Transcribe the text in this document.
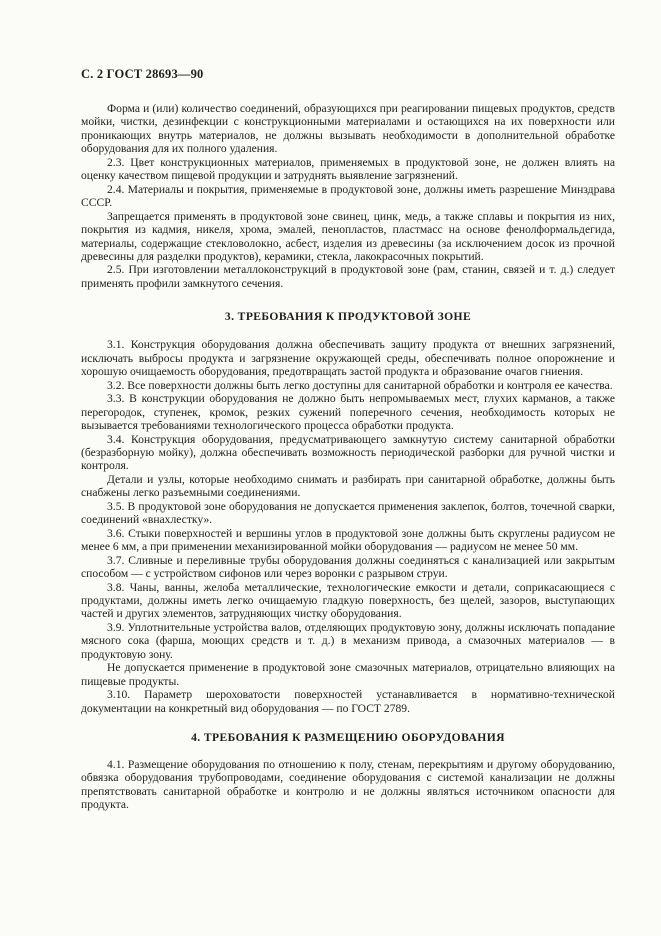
С. 2 ГОСТ 28693—90

Форма и (или) количество соединений, образующихся при реагировании пищевых продуктов, средств мойки, чистки, дезинфекции с конструкционными материалами и остающихся на их поверхности или проникающих внутрь материалов, не должны вызывать необходимости в дополнительной обработке оборудования для их полного удаления.

2.3. Цвет конструкционных материалов, применяемых в продуктовой зоне, не должен влиять на оценку качеством пищевой продукции и затруднять выявление загрязнений.

2.4. Материалы и покрытия, применяемые в продуктовой зоне, должны иметь разрешение Минздрава СССР.

Запрещается применять в продуктовой зоне свинец, цинк, медь, а также сплавы и покрытия из них, покрытия из кадмия, никеля, хрома, эмалей, пенопластов, пластмасс на основе фенолформальдегида, материалы, содержащие стекловолокно, асбест, изделия из древесины (за исключением досок из прочной древесины для разделки продуктов), керамики, стекла, лакокрасочных покрытий.

2.5. При изготовлении металлоконструкций в продуктовой зоне (рам, станин, связей и т. д.) следует применять профили замкнутого сечения.

3. ТРЕБОВАНИЯ К ПРОДУКТОВОЙ ЗОНЕ

3.1. Конструкция оборудования должна обеспечивать защиту продукта от внешних загрязнений, исключать выбросы продукта и загрязнение окружающей среды, обеспечивать полное опорожнение и хорошую очищаемость оборудования, предотвращать застой продукта и образование очагов гниения.

3.2. Все поверхности должны быть легко доступны для санитарной обработки и контроля ее качества.

3.3. В конструкции оборудования не должно быть непромываемых мест, глухих карманов, а также перегородок, ступенек, кромок, резких сужений поперечного сечения, необходимость которых не вызывается требованиями технологического процесса обработки продукта.

3.4. Конструкция оборудования, предусматривающего замкнутую систему санитарной обработки (безразборную мойку), должна обеспечивать возможность периодической разборки для ручной чистки и контроля.

Детали и узлы, которые необходимо снимать и разбирать при санитарной обработке, должны быть снабжены легко разъемными соединениями.

3.5. В продуктовой зоне оборудования не допускается применения заклепок, болтов, точечной сварки, соединений «внахлестку».

3.6. Стыки поверхностей и вершины углов в продуктовой зоне должны быть скруглены радиусом не менее 6 мм, а при применении механизированной мойки оборудования — радиусом не менее 50 мм.

3.7. Сливные и переливные трубы оборудования должны соединяться с канализацией или закрытым способом — с устройством сифонов или через воронки с разрывом струи.

3.8. Чаны, ванны, желоба металлические, технологические емкости и детали, соприкасающиеся с продуктами, должны иметь легко очищаемую гладкую поверхность, без щелей, зазоров, выступающих частей и других элементов, затрудняющих чистку оборудования.

3.9. Уплотнительные устройства валов, отделяющих продуктовую зону, должны исключать попадание мясного сока (фарша, моющих средств и т. д.) в механизм привода, а смазочных материалов — в продуктовую зону.

Не допускается применение в продуктовой зоне смазочных материалов, отрицательно влияющих на пищевые продукты.

3.10. Параметр шероховатости поверхностей устанавливается в нормативно-технической документации на конкретный вид оборудования — по ГОСТ 2789.

4. ТРЕБОВАНИЯ К РАЗМЕЩЕНИЮ ОБОРУДОВАНИЯ

4.1. Размещение оборудования по отношению к полу, стенам, перекрытиям и другому оборудованию, обвязка оборудования трубопроводами, соединение оборудования с системой канализации не должны препятствовать санитарной обработке и контролю и не должны являться источником опасности для продукта.
